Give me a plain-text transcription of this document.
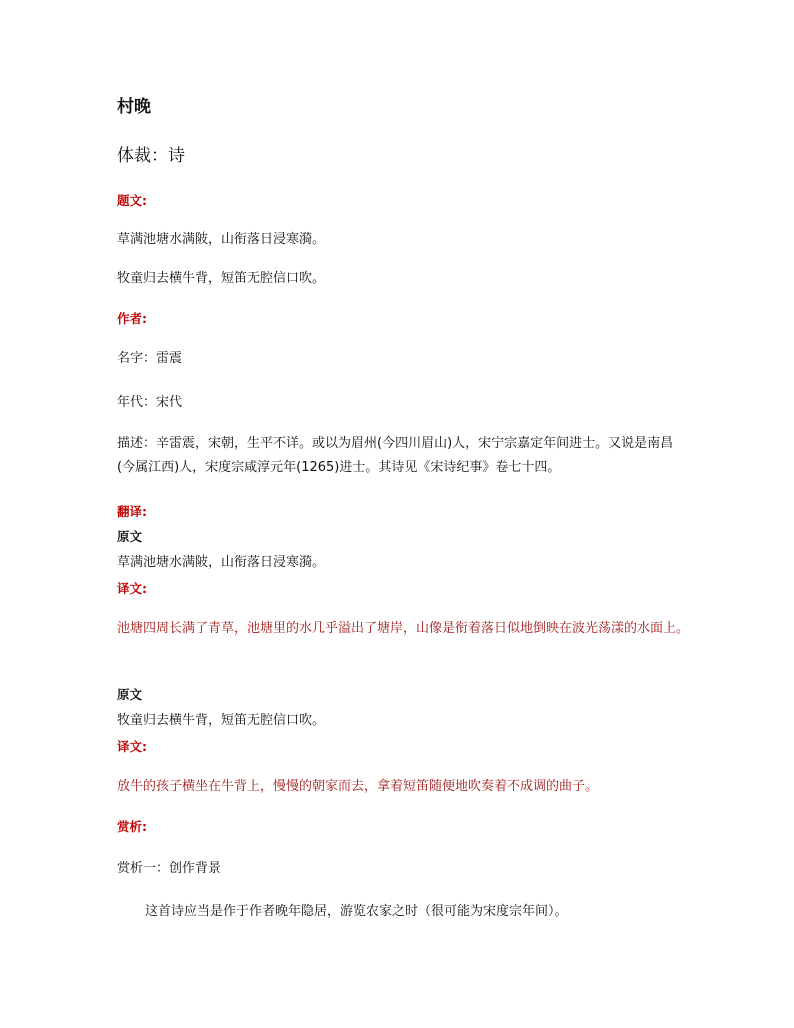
村晚
体裁：诗
题文:
草满池塘水满陂，山衔落日浸寒漪。
牧童归去横牛背，短笛无腔信口吹。
作者:
名字：雷震
年代：宋代
描述：辛雷震，宋朝，生平不详。或以为眉州(今四川眉山)人，宋宁宗嘉定年间进士。又说是南昌(今属江西)人，宋度宗咸淳元年(1265)进士。其诗见《宋诗纪事》卷七十四。
翻译:
原文
草满池塘水满陂，山衔落日浸寒漪。
译文:
池塘四周长满了青草，池塘里的水几乎溢出了塘岸，山像是衔着落日似地倒映在波光荡漾的水面上。
原文
牧童归去横牛背，短笛无腔信口吹。
译文:
放牛的孩子横坐在牛背上，慢慢的朝家而去，拿着短笛随便地吹奏着不成调的曲子。
赏析:
赏析一：创作背景
这首诗应当是作于作者晚年隐居，游览农家之时（很可能为宋度宗年间）。
